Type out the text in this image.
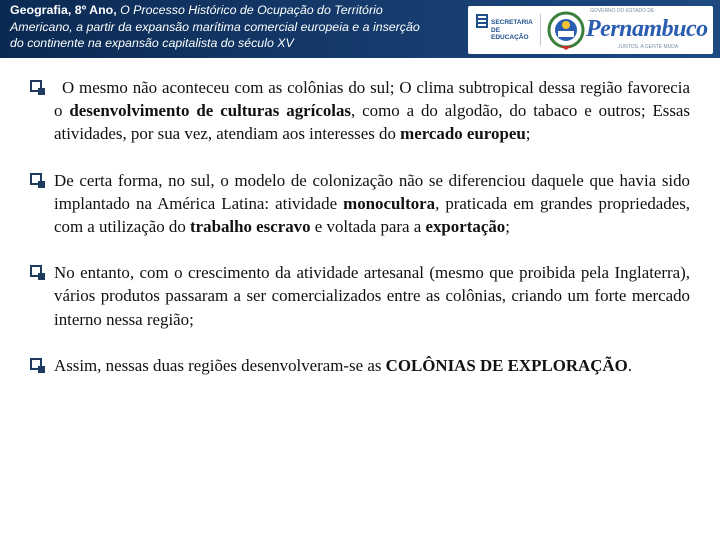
Geografia, 8º Ano, O Processo Histórico de Ocupação do Território Americano, a partir da expansão marítima comercial europeia e a inserção do continente na expansão capitalista do século XV
SECRETARIA
DE EDUCAÇÃO
GOVERNO DO ESTADO DE
Pernambuco
JUNTOS, A GENTE MUDA
O mesmo não aconteceu com as colônias do sul; O clima subtropical dessa região favorecia o desenvolvimento de culturas agrícolas, como a do algodão, do tabaco e outros; Essas atividades, por sua vez, atendiam aos interesses do mercado europeu;
De certa forma, no sul, o modelo de colonização não se diferenciou daquele que havia sido implantado na América Latina: atividade monocultora, praticada em grandes propriedades, com a utilização do trabalho escravo e voltada para a exportação;
No entanto, com o crescimento da atividade artesanal (mesmo que proibida pela Inglaterra), vários produtos passaram a ser comercializados entre as colônias, criando um forte mercado interno nessa região;
Assim, nessas duas regiões desenvolveram-se as COLÔNIAS DE EXPLORAÇÃO.
